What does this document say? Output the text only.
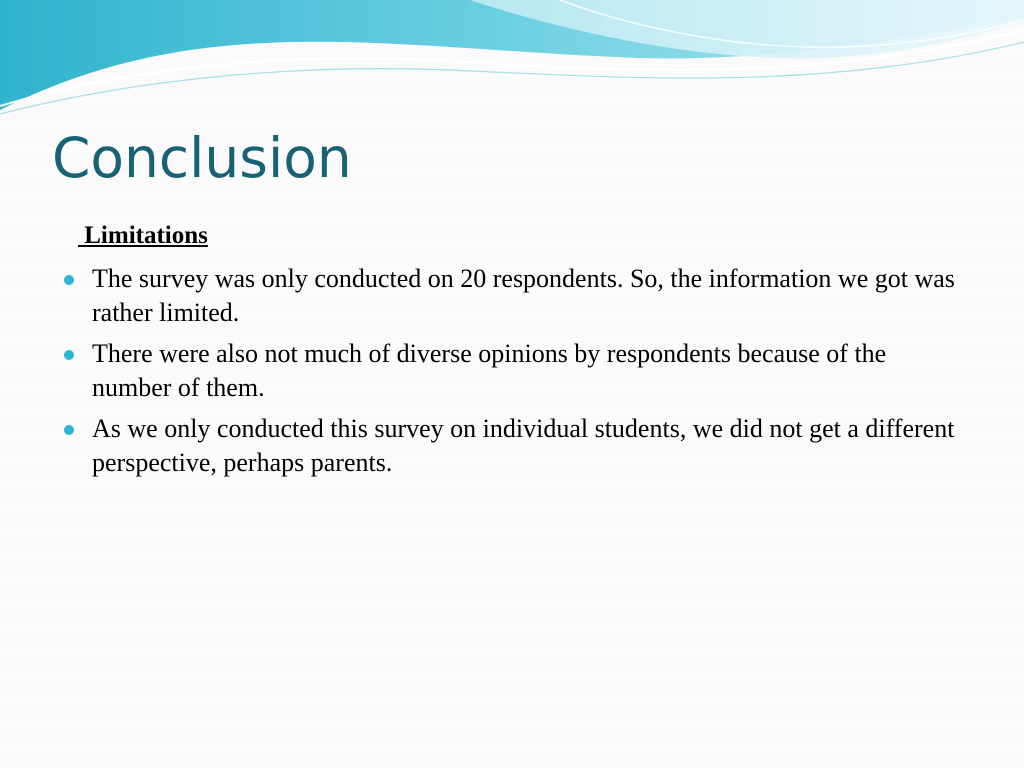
Conclusion
Limitations
The survey was only conducted on 20 respondents. So, the information we got was rather limited.
There were also not much of diverse opinions by respondents because of the number of them.
As we only conducted this survey on individual students, we did not get a different perspective, perhaps parents.
